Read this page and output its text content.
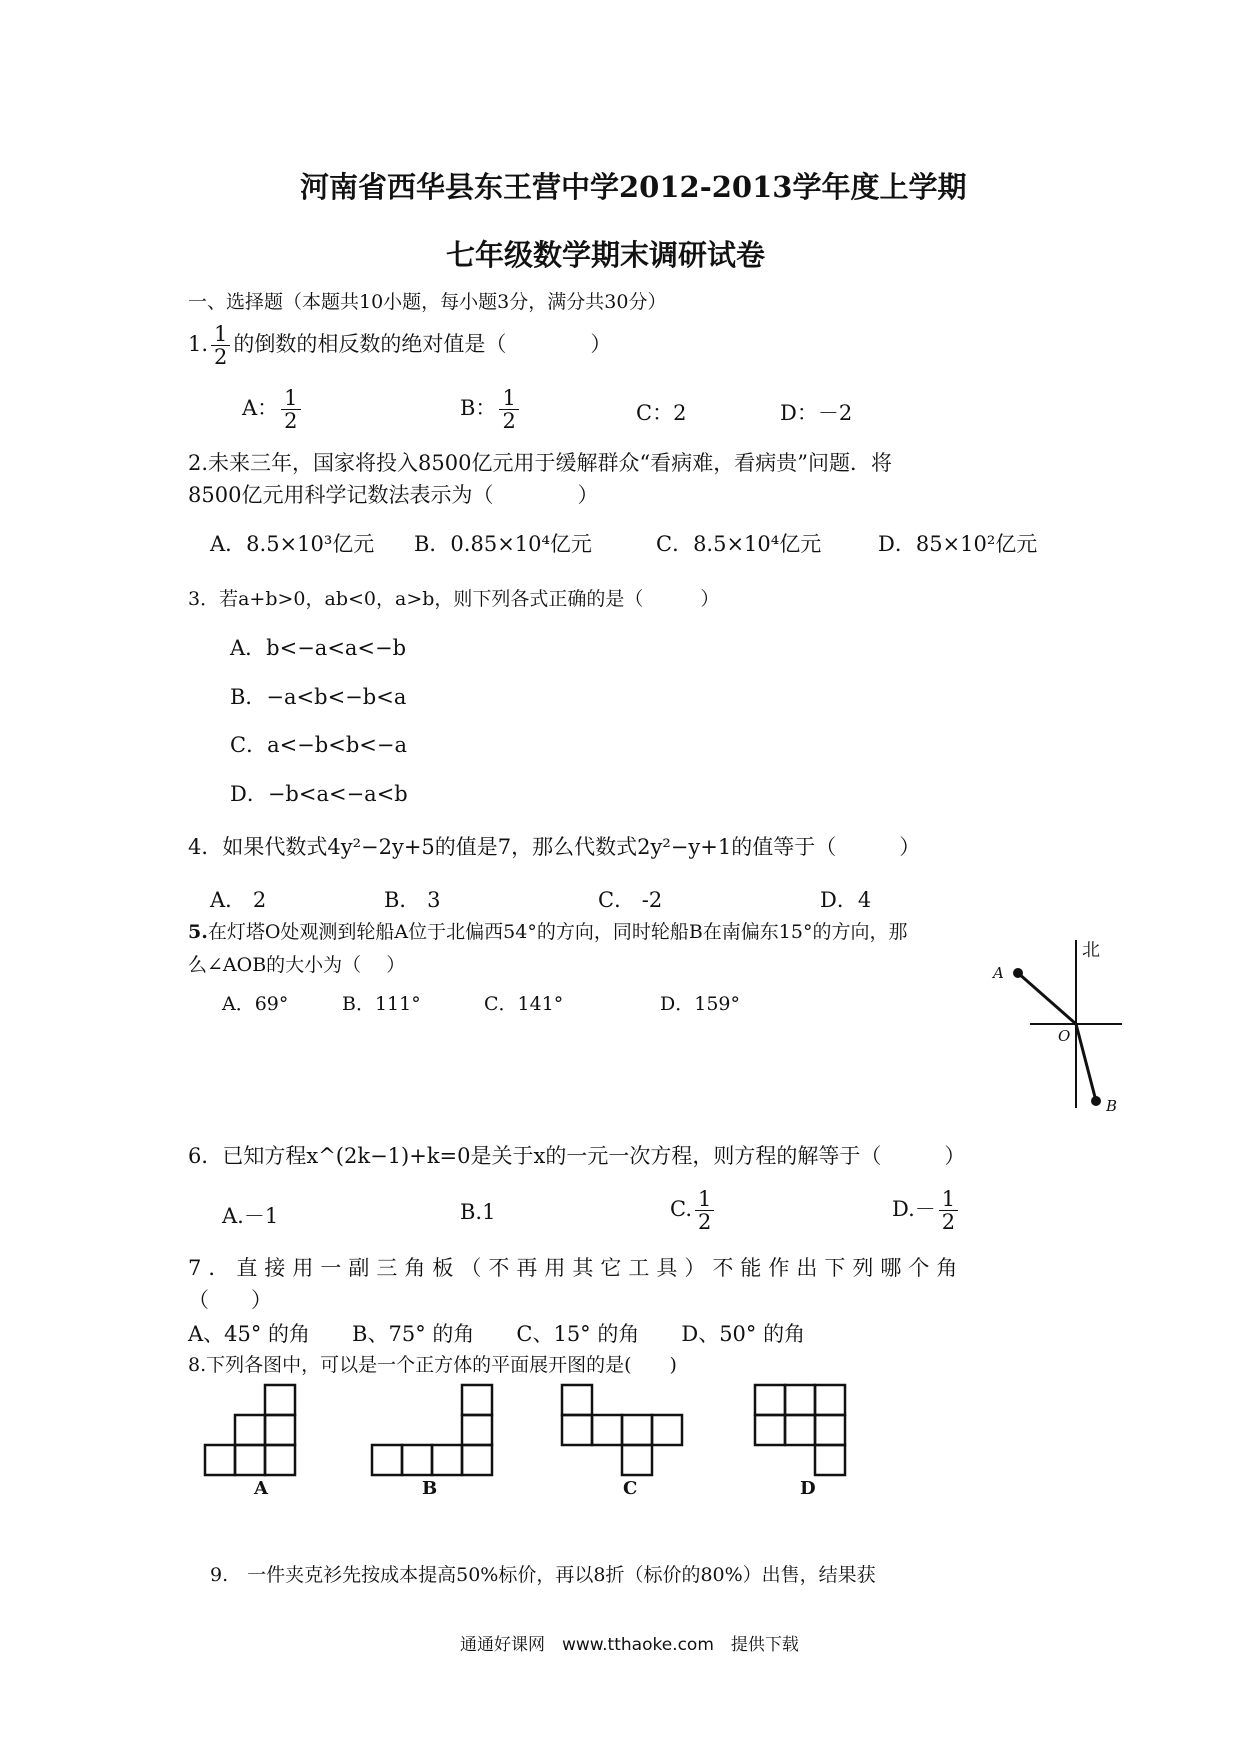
河南省西华县东王营中学2012-2013学年度上学期
七年级数学期末调研试卷
一、选择题（本题共10小题，每小题3分，满分共30分）
1. $\frac{1}{2}$ 的倒数的相反数的绝对值是（　　　　）
A： $\frac{1}{2}$	B： $\frac{1}{2}$	C：2	D：－2
2.未来三年，国家将投入8500亿元用于缓解群众“看病难，看病贵”问题．将
8500亿元用科学记数法表示为（　　　　）
A．8.5×10³亿元 B．0.85×10⁴亿元	C．8.5×10⁴亿元	D．85×10²亿元
3．若a+b>0，ab<0，a>b，则下列各式正确的是（　　　）
A．b<−a<a<−b
B．−a<b<−b<a
C．a<−b<b<−a
D．−b<a<−a<b
4．如果代数式4y²−2y+5的值是7，那么代数式2y²−y+1的值等于（　　　）
A． 2	B． 3	C． -2	D．4
5.在灯塔O处观测到轮船A位于北偏西54°的方向，同时轮船B在南偏东15°的方向，那
么∠AOB的大小为（　 ）
A．69°	B．111°	C．141°	D．159°
北
A
O
B
6．已知方程x^(2k−1)+k=0是关于x的一元一次方程，则方程的解等于（　　　）
A.－1	B.1	C. $\frac{1}{2}$	$D.- \frac{1}{2}$
7．直接用一副三角板（不再用其它工具）不能作出下列哪个角
（　　）
A、45° 的角　　B、75° 的角　　C、15° 的角　　D、50° 的角
8.下列各图中，可以是一个正方体的平面展开图的是(　　)
A	B	C	D
9.　一件夹克衫先按成本提高50%标价，再以8折（标价的80%）出售，结果获
通通好课网　www.tthaoke.com　提供下载
